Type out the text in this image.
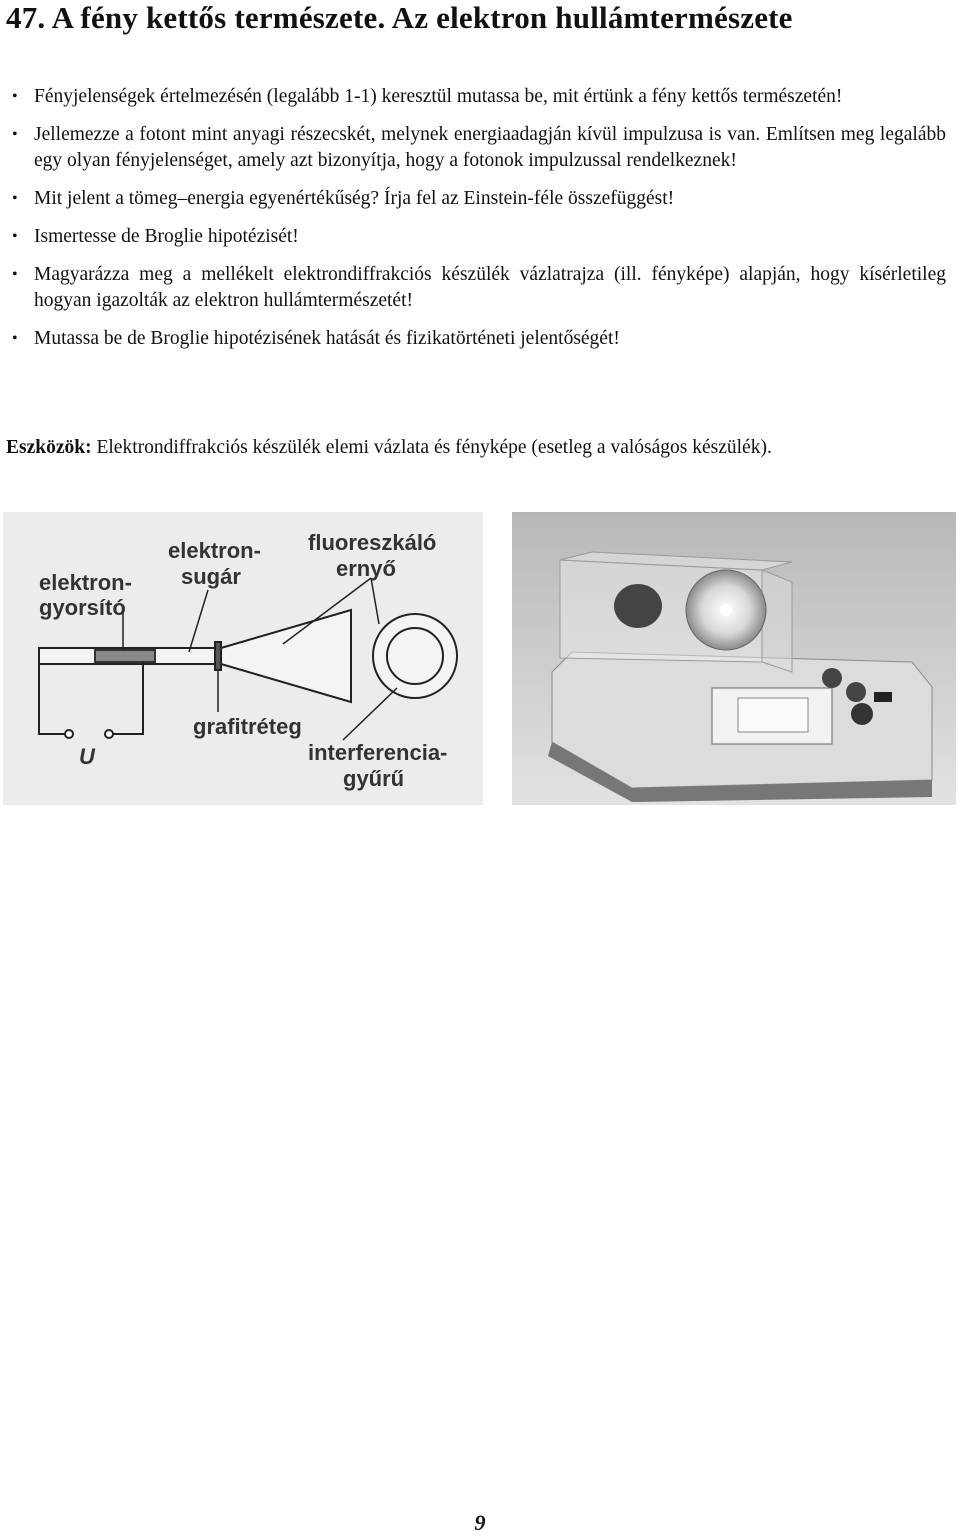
47. A fény kettős természete. Az elektron hullámtermészete
• Fényjelenségek értelmezésén (legalább 1-1) keresztül mutassa be, mit értünk a fény kettős természetén!
• Jellemezze a fotont mint anyagi részecskét, melynek energiaadagján kívül impulzusa is van. Említsen meg legalább egy olyan fényjelenséget, amely azt bizonyítja, hogy a fotonok impulzussal rendelkeznek!
• Mit jelent a tömeg–energia egyenértékűség? Írja fel az Einstein-féle összefüggést!
• Ismertesse de Broglie hipotézisét!
• Magyarázza meg a mellékelt elektrondiffrakciós készülék vázlatrajza (ill. fényképe) alapján, hogy kísérletileg hogyan igazolták az elektron hullámtermészetét!
• Mutassa be de Broglie hipotézisének hatását és fizikatörténeti jelentőségét!
Eszközök: Elektrondiffrakciós készülék elemi vázlata és fényképe (esetleg a valóságos készülék).
elektron-
gyorsító
elektron-
sugár
fluoreszkáló
ernyő
grafitréteg
interferencia-
gyűrű
U
9
